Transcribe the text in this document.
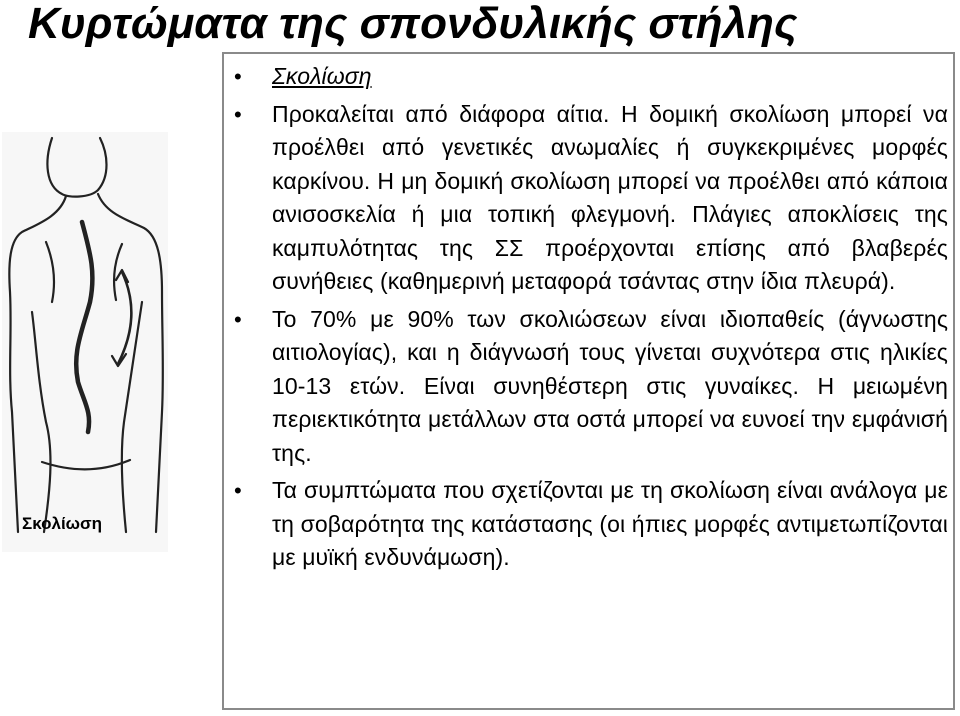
Κυρτώματα της σπονδυλικής στήλης
Σκολίωση
• Σκολίωση
• Προκαλείται από διάφορα αίτια. Η δομική σκολίωση μπορεί να προέλθει από γενετικές ανωμαλίες ή συγκεκριμένες μορφές καρκίνου. Η μη δομική σκολίωση μπορεί να προέλθει από κάποια ανισοσκελία ή μια τοπική φλεγμονή. Πλάγιες αποκλίσεις της καμπυλότητας της ΣΣ προέρχονται επίσης από βλαβερές συνήθειες (καθημερινή μεταφορά τσάντας στην ίδια πλευρά).
• Το 70% με 90% των σκολιώσεων είναι ιδιοπαθείς (άγνωστης αιτιολογίας), και η διάγνωσή τους γίνεται συχνότερα στις ηλικίες 10-13 ετών. Είναι συνηθέστερη στις γυναίκες. Η μειωμένη περιεκτικότητα μετάλλων στα οστά μπορεί να ευνοεί την εμφάνισή της.
• Τα συμπτώματα που σχετίζονται με τη σκολίωση είναι ανάλογα με τη σοβαρότητα της κατάστασης (οι ήπιες μορφές αντιμετωπίζονται με μυϊκή ενδυνάμωση).
